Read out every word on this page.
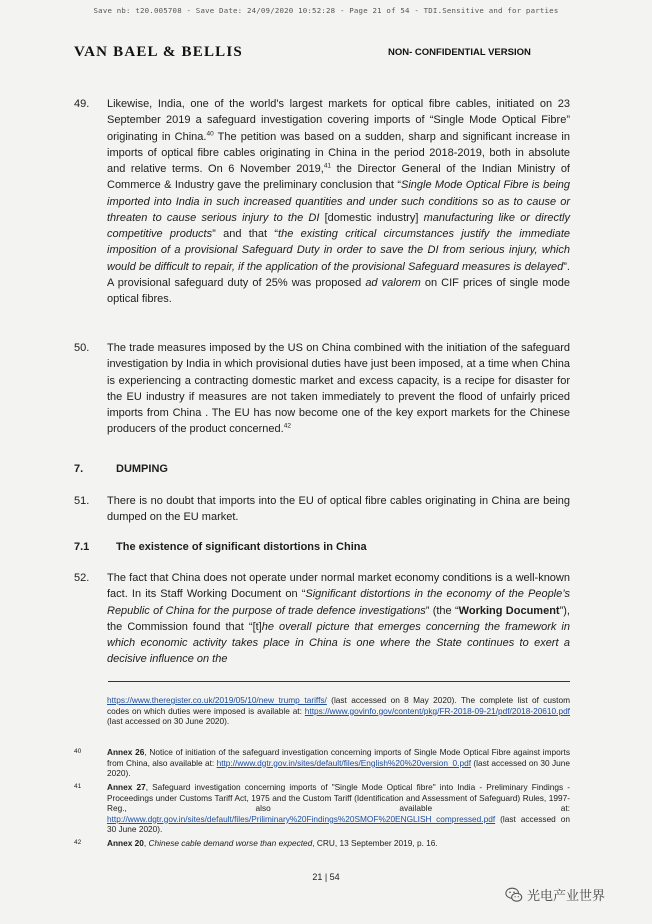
Save nb: t20.005708 - Save Date: 24/09/2020 10:52:28 - Page 21 of 54 - TDI.Sensitive and for parties
VAN BAEL & BELLIS	NON- CONFIDENTIAL VERSION
49. Likewise, India, one of the world's largest markets for optical fibre cables, initiated on 23 September 2019 a safeguard investigation covering imports of “Single Mode Optical Fibre” originating in China.$^{40}$ The petition was based on a sudden, sharp and significant increase in imports of optical fibre cables originating in China in the period 2018-2019, both in absolute and relative terms. On 6 November 2019,41 the Director General of the Indian Ministry of Commerce & Industry gave the preliminary conclusion that “Single Mode Optical Fibre is being imported into India in such increased quantities and under such conditions so as to cause or threaten to cause serious injury to the DI [domestic industry] manufacturing like or directly competitive products” and that “the existing critical circumstances justify the immediate imposition of a provisional Safeguard Duty in order to save the DI from serious injury, which would be difficult to repair, if the application of the provisional Safeguard measures is delayed”. A provisional safeguard duty of 25% was proposed ad valorem on CIF prices of single mode optical fibres.
50. The trade measures imposed by the US on China combined with the initiation of the safeguard investigation by India in which provisional duties have just been imposed, at a time when China is experiencing a contracting domestic market and excess capacity, is a recipe for disaster for the EU industry if measures are not taken immediately to prevent the flood of unfairly priced imports from China . The EU has now become one of the key export markets for the Chinese producers of the product concerned.$^{42}$
7.	DUMPING
51. There is no doubt that imports into the EU of optical fibre cables originating in China are being dumped on the EU market.
7.1 The existence of significant distortions in China
52. The fact that China does not operate under normal market economy conditions is a well-known fact. In its Staff Working Document on “Significant distortions in the economy of the People’s Republic of China for the purpose of trade defence investigations” (the “Working Document”), the Commission found that “[t]he overall picture that emerges concerning the framework in which economic activity takes place in China is one where the State continues to exert a decisive influence on the
https://www.theregister.co.uk/2019/05/10/new_trump_tariffs/ (last accessed on 8 May 2020). The complete list of custom codes on which duties were imposed is available at: https://www.govinfo.gov/content/pkg/FR-2018-09-21/pdf/2018-20610.pdf (last accessed on 30 June 2020).
40	Annex 26, Notice of initiation of the safeguard investigation concerning imports of Single Mode Optical Fibre against imports from China, also available at: http://www.dgtr.gov.in/sites/default/files/English%20%20version_0.pdf (last accessed on 30 June 2020).
41	Annex 27, Safeguard investigation concerning imports of "Single Mode Optical fibre" into India - Preliminary Findings - Proceedings under Customs Tariff Act, 1975 and the Custom Tariff (Identification and Assessment of Safeguard) Rules, 1997- Reg., also available at: http://www.dgtr.gov.in/sites/default/files/Priliminary%20Findings%20SMOF%20ENGLISH_compressed.pdf (last accessed on 30 June 2020).
42	Annex 20, Chinese cable demand worse than expected, CRU, 13 September 2019, p. 16.
21 | 54
光电产业世界
